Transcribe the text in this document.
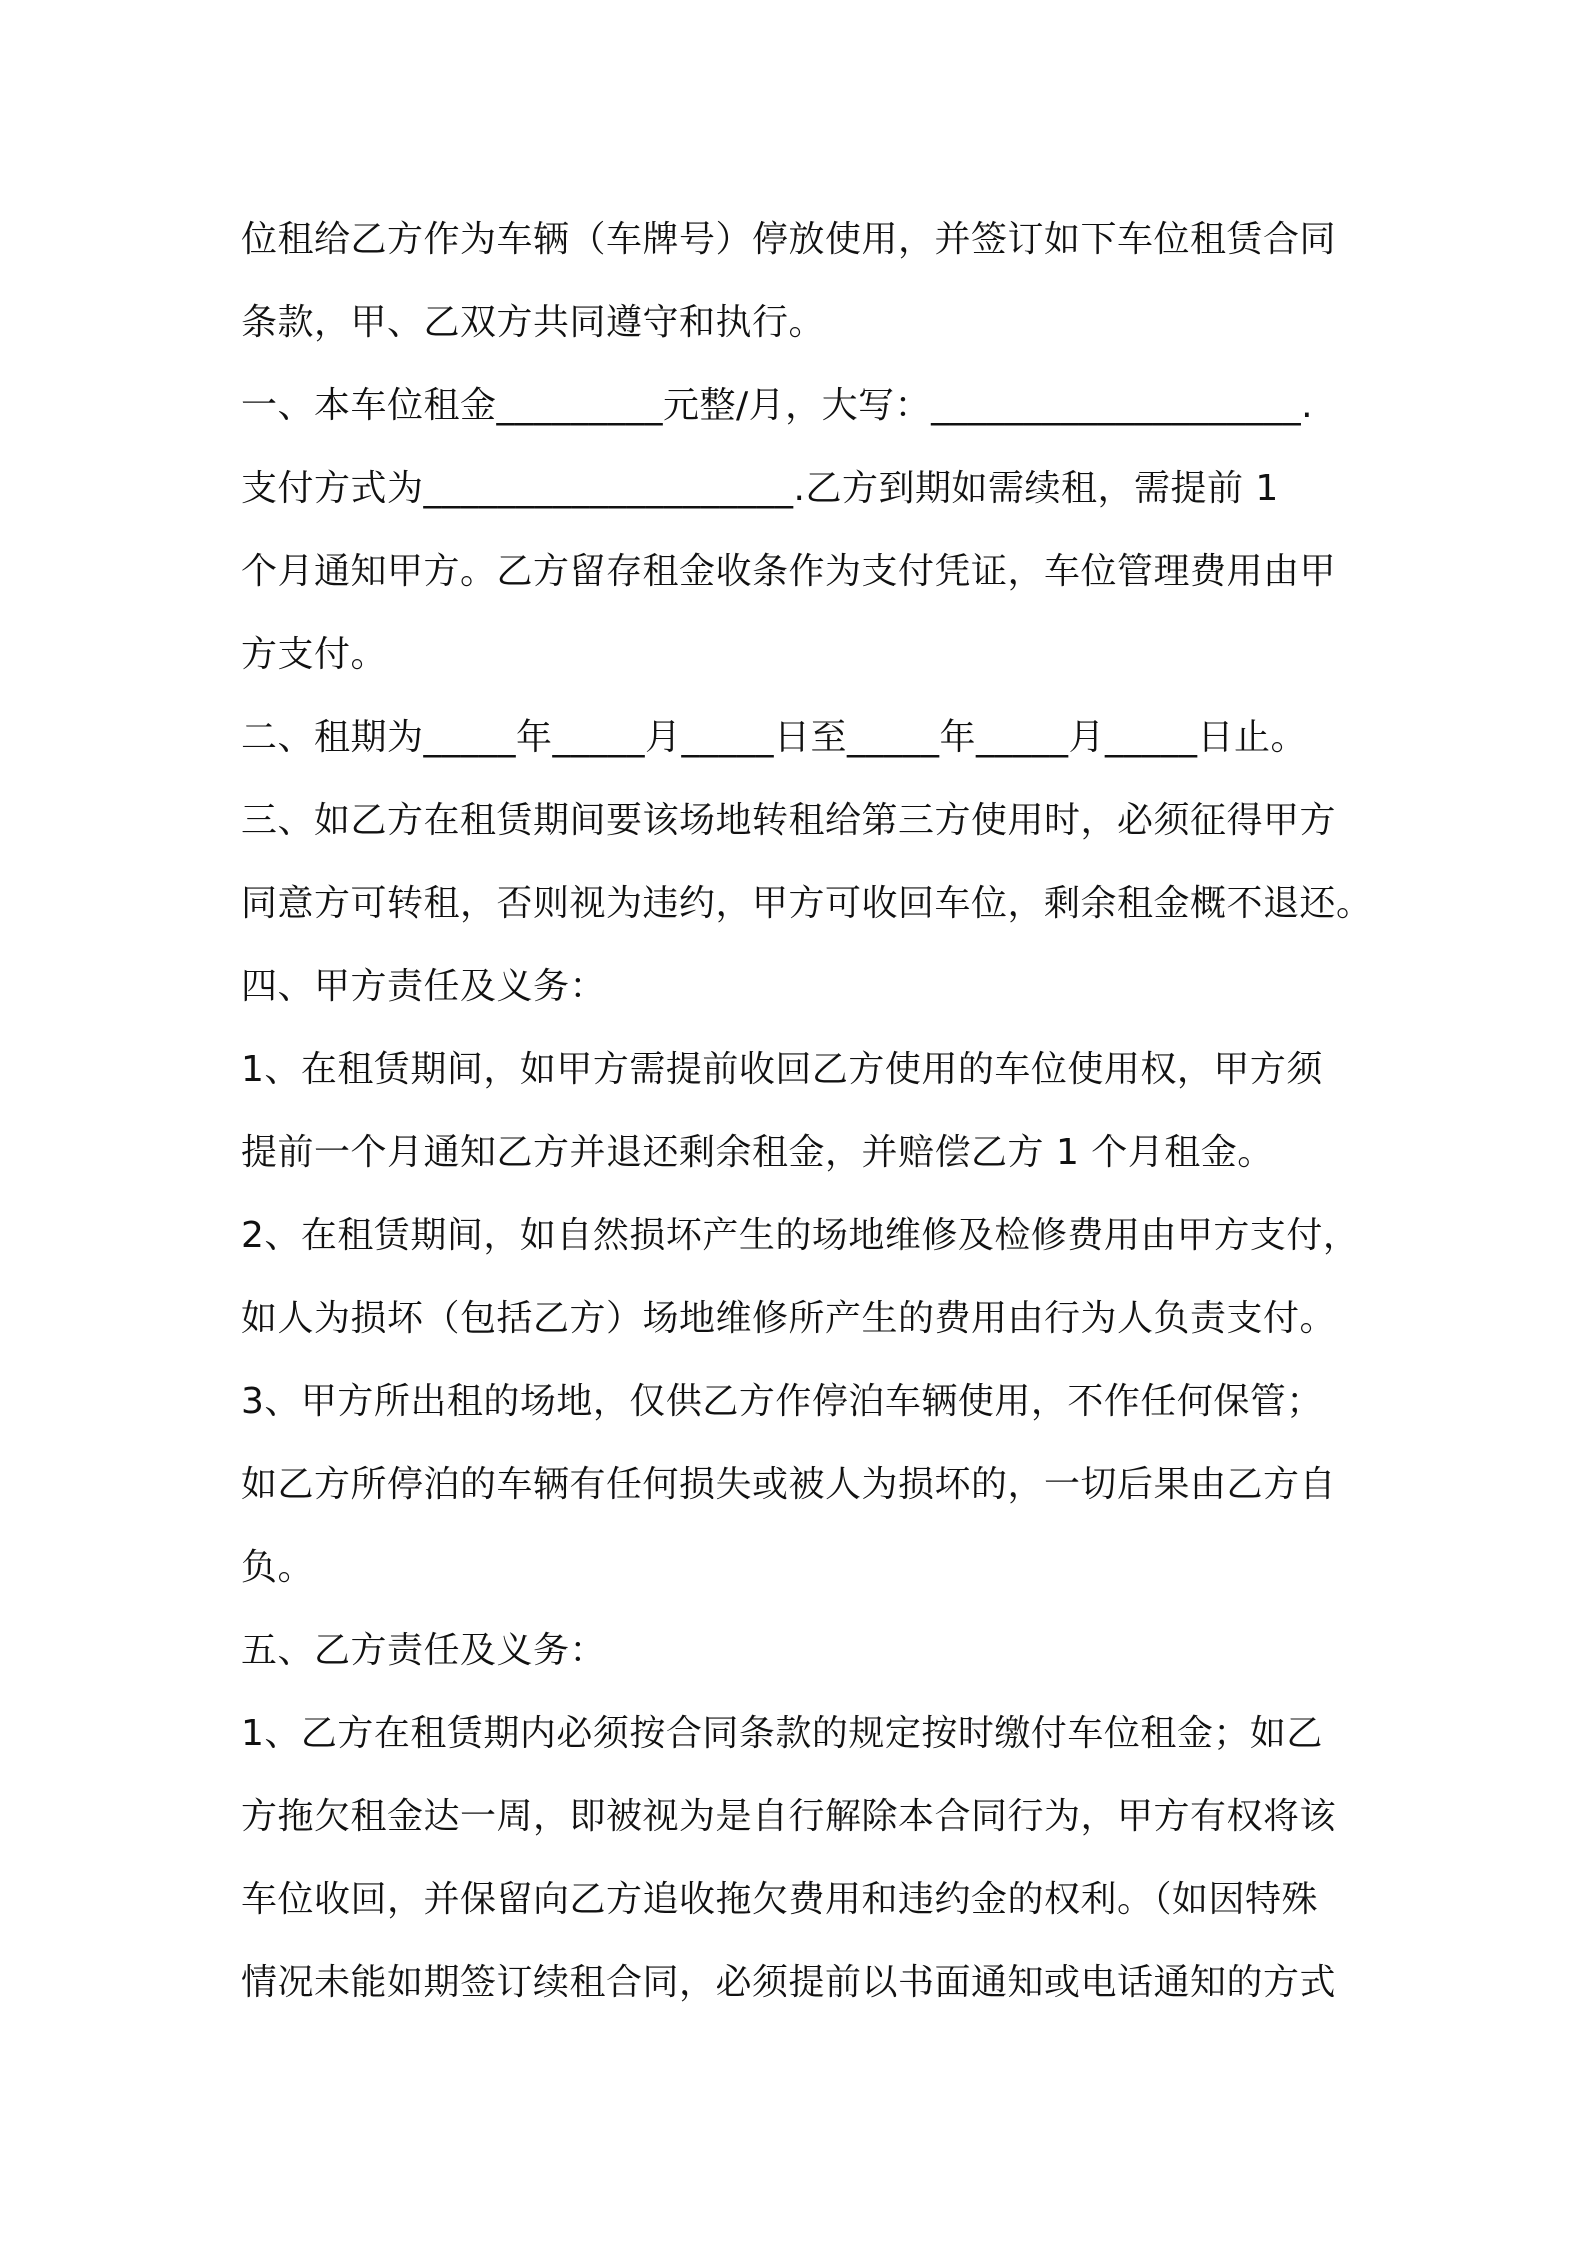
位租给乙方作为车辆（车牌号）停放使用，并签订如下车位租赁合同
条款，甲、乙双方共同遵守和执行。
一、本车位租金_________元整/月，大写：____________________.
支付方式为____________________.乙方到期如需续租，需提前 1
个月通知甲方。乙方留存租金收条作为支付凭证，车位管理费用由甲
方支付。
二、租期为_____年_____月_____日至_____年_____月_____日止。
三、如乙方在租赁期间要该场地转租给第三方使用时，必须征得甲方
同意方可转租，否则视为违约，甲方可收回车位，剩余租金概不退还。
四、甲方责任及义务：
1、在租赁期间，如甲方需提前收回乙方使用的车位使用权，甲方须
提前一个月通知乙方并退还剩余租金，并赔偿乙方 1 个月租金。
2、在租赁期间，如自然损坏产生的场地维修及检修费用由甲方支付，
如人为损坏（包括乙方）场地维修所产生的费用由行为人负责支付。
3、甲方所出租的场地，仅供乙方作停泊车辆使用，不作任何保管；
如乙方所停泊的车辆有任何损失或被人为损坏的，一切后果由乙方自
负。
五、乙方责任及义务：
1、乙方在租赁期内必须按合同条款的规定按时缴付车位租金；如乙
方拖欠租金达一周，即被视为是自行解除本合同行为，甲方有权将该
车位收回，并保留向乙方追收拖欠费用和违约金的权利。（如因特殊
情况未能如期签订续租合同，必须提前以书面通知或电话通知的方式
